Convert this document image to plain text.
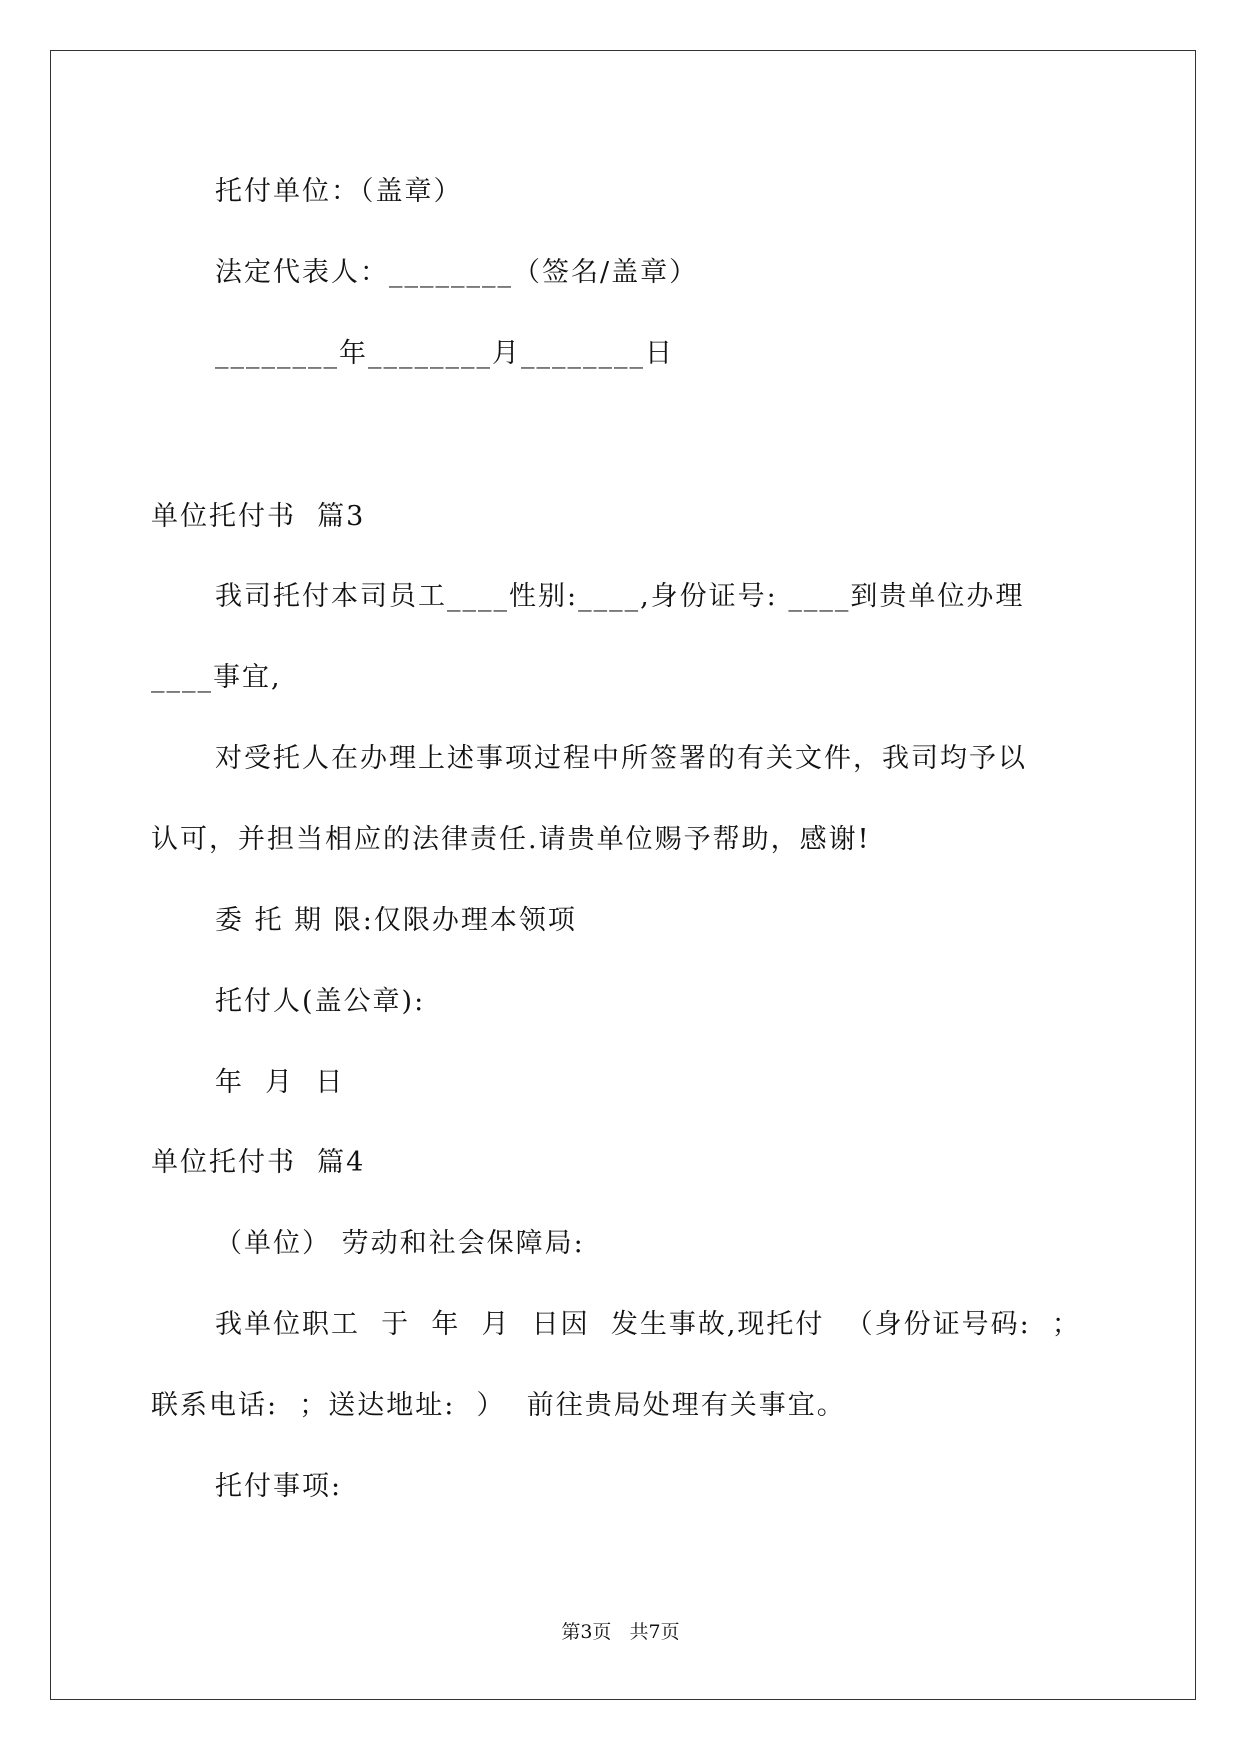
托付单位：（盖章）
法定代表人：________（签名/盖章）
________年________月________日
单位托付书  篇3
我司托付本司员工____性别:____,身份证号: ____到贵单位办理
____事宜,
对受托人在办理上述事项过程中所签署的有关文件，我司均予以
认可，并担当相应的法律责任.请贵单位赐予帮助，感谢!
委 托 期 限:仅限办理本领项
托付人(盖公章):
年  月  日
单位托付书  篇4
（单位） 劳动和社会保障局:
我单位职工  于  年  月  日因  发生事故,现托付  （身份证号码:  ；
联系电话:  ；送达地址:  ）  前往贵局处理有关事宜。
托付事项:
第3页   共7页
